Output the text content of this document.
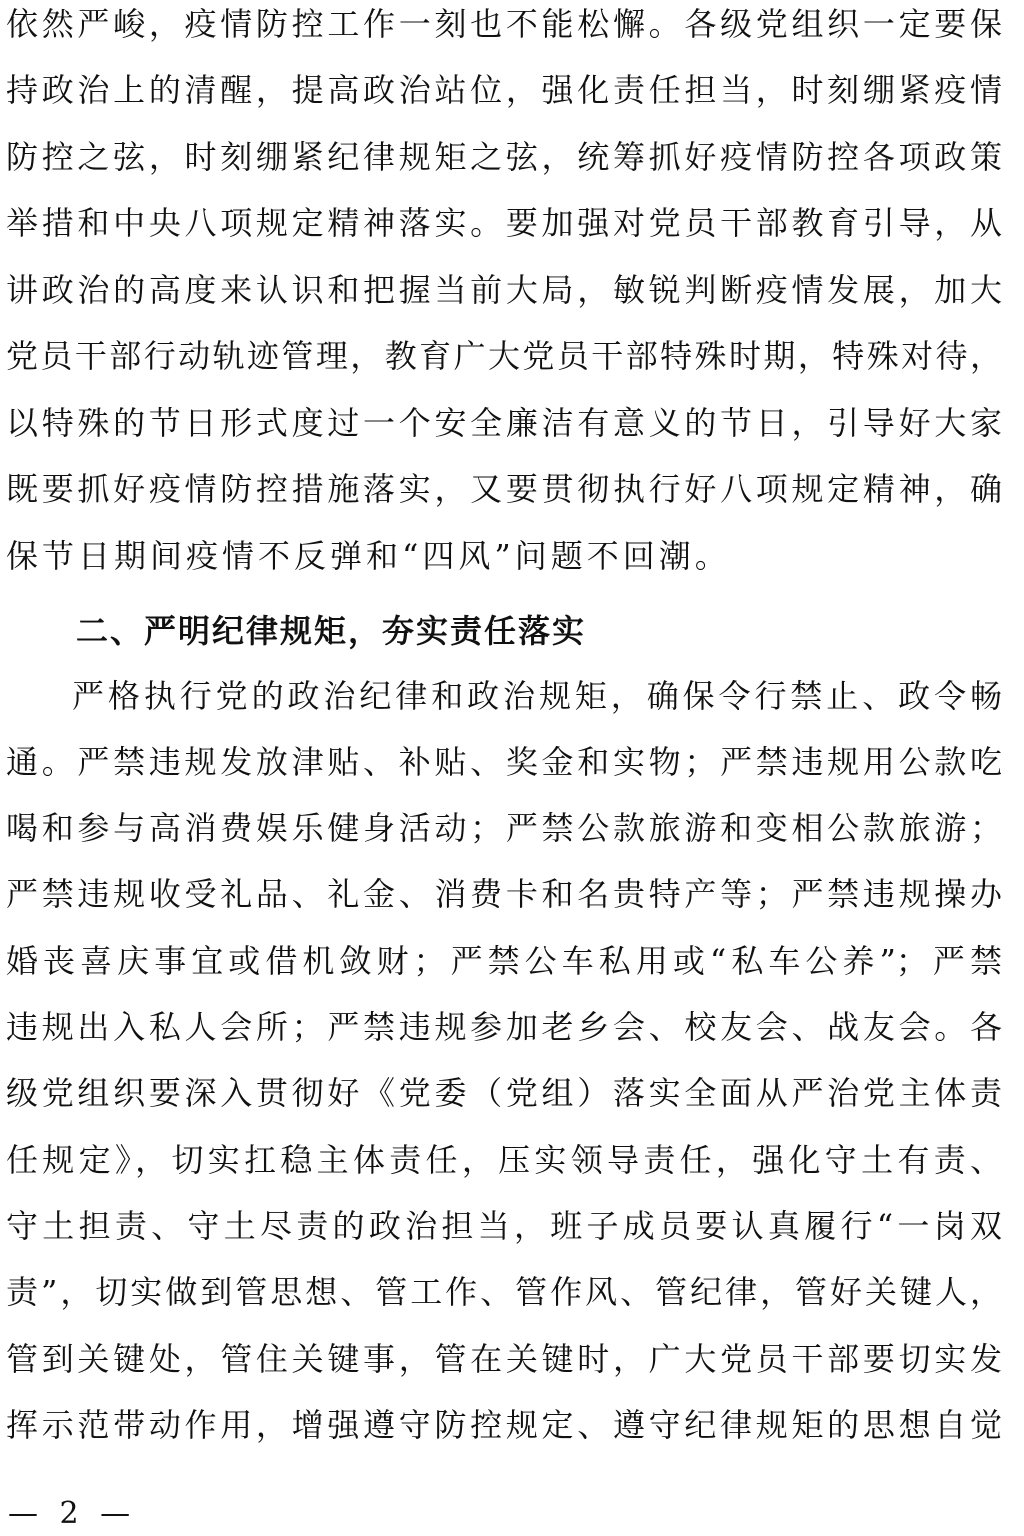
依然严峻，疫情防控工作一刻也不能松懈。各级党组织一定要保
持政治上的清醒，提高政治站位，强化责任担当，时刻绷紧疫情
防控之弦，时刻绷紧纪律规矩之弦，统筹抓好疫情防控各项政策
举措和中央八项规定精神落实。要加强对党员干部教育引导，从
讲政治的高度来认识和把握当前大局，敏锐判断疫情发展，加大
党员干部行动轨迹管理，教育广大党员干部特殊时期，特殊对待，
以特殊的节日形式度过一个安全廉洁有意义的节日，引导好大家
既要抓好疫情防控措施落实，又要贯彻执行好八项规定精神，确
保节日期间疫情不反弹和“四风”问题不回潮。
二、严明纪律规矩，夯实责任落实
严格执行党的政治纪律和政治规矩，确保令行禁止、政令畅
通。严禁违规发放津贴、补贴、奖金和实物；严禁违规用公款吃
喝和参与高消费娱乐健身活动；严禁公款旅游和变相公款旅游；
严禁违规收受礼品、礼金、消费卡和名贵特产等；严禁违规操办
婚丧喜庆事宜或借机敛财；严禁公车私用或“私车公养”；严禁
违规出入私人会所；严禁违规参加老乡会、校友会、战友会。各
级党组织要深入贯彻好《党委（党组）落实全面从严治党主体责
任规定》，切实扛稳主体责任，压实领导责任，强化守土有责、
守土担责、守土尽责的政治担当，班子成员要认真履行“一岗双
责”，切实做到管思想、管工作、管作风、管纪律，管好关键人，
管到关键处，管住关键事，管在关键时，广大党员干部要切实发
挥示范带动作用，增强遵守防控规定、遵守纪律规矩的思想自觉
— 2 —
